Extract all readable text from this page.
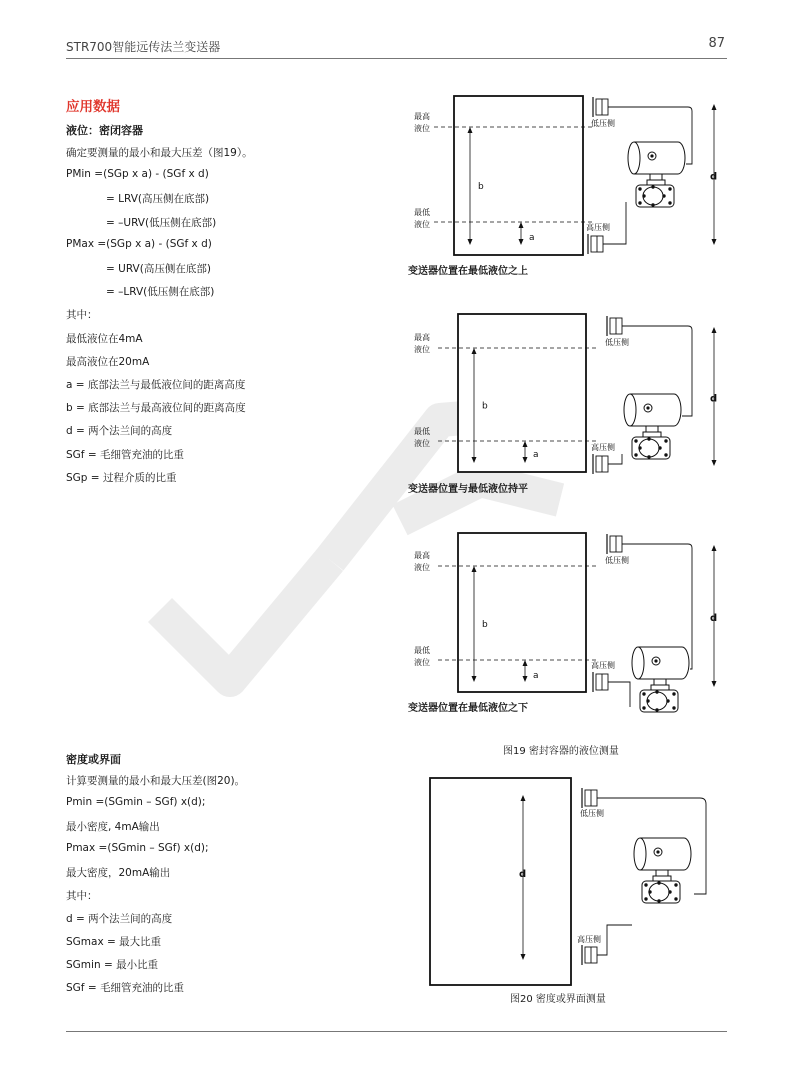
STR700智能远传法兰变送器	87
应用数据
液位：密闭容器
确定要测量的最小和最大压差（图19）。
PMin =(SGp x a) - (SGf x d)
= LRV(高压侧在底部)
= –URV(低压侧在底部)
PMax =(SGp x a) - (SGf x d)
= URV(高压侧在底部)
= –LRV(低压侧在底部)
其中：
最低液位在4mA
最高液位在20mA
a = 底部法兰与最低液位间的距离高度
b = 底部法兰与最高液位间的距离高度
d = 两个法兰间的高度
SGf = 毛细管充油的比重
SGp = 过程介质的比重
密度或界面
计算要测量的最小和最大压差(图20)。
Pmin =(SGmin – SGf) x(d);
最小密度, 4mA输出
Pmax =(SGmin – SGf) x(d);
最大密度，20mA输出
其中：
d = 两个法兰间的高度
SGmax = 最大比重
SGmin = 最小比重
SGf = 毛细管充油的比重
最高
液位
最低
液位
b
a
低压侧
高压侧
d
最高
液位
最低
液位
b
a
低压侧
高压侧
d
最高
液位
最低
液位
b
a
低压侧
高压侧
d
d
低压侧
高压侧
变送器位置在最低液位之上
变送器位置与最低液位持平
变送器位置在最低液位之下
图19 密封容器的液位测量
图20 密度或界面测量
